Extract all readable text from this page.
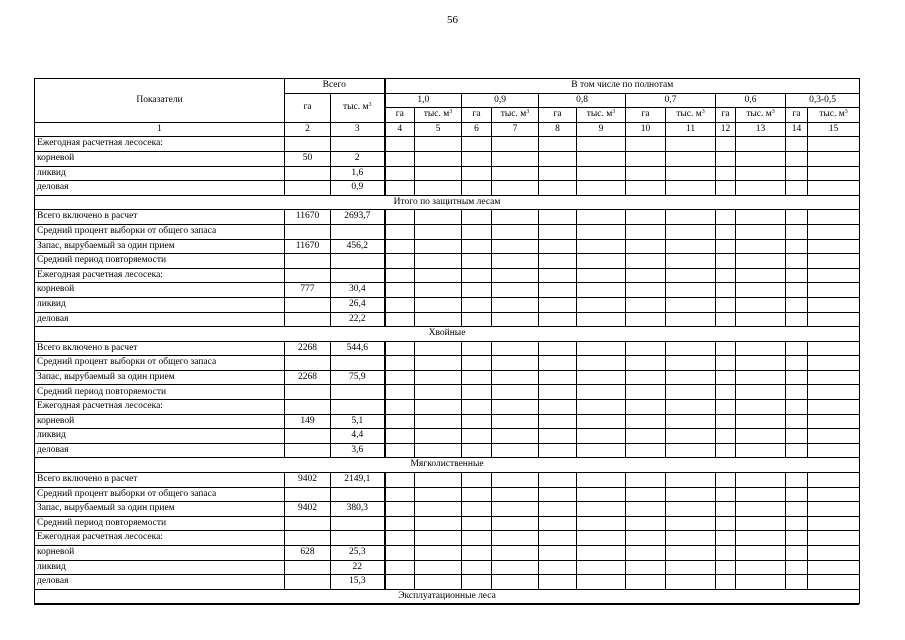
56
Показатели	Всего		В том числе по полнотам											
	га	тыс. $м^3$	1,0		0,9		0,8		0,7		0,6		0,3-0,5	
			га	тыс. $м^3$	га	тыс. $м^3$	га	тыс. $м^3$	га	тыс. $м^3$	га	тыс. $м^3$	га	тыс. $м^3$
1	2	3	4	5	6	7	8	9	10	11	12	13	14	15
Ежегодная расчетная лесосека:														
корневой	50	2												
ликвид		1,6												
деловая		0,9												
Итого по защитным лесам														
Всего включено в расчет	11670	2693,7												
Средний процент выборки от общего запаса														
Запас, вырубаемый за один прием	11670	456,2												
Средний период повторяемости														
Ежегодная расчетная лесосека:														
корневой	777	30,4												
ликвид		26,4												
деловая		22,2												
Хвойные														
Всего включено в расчет	2268	544,6												
Средний процент выборки от общего запаса														
Запас, вырубаемый за один прием	2268	75,9												
Средний период повторяемости														
Ежегодная расчетная лесосека:														
корневой	149	5,1												
ликвид		4,4												
деловая		3,6												
Мягколиственные														
Всего включено в расчет	9402	2149,1												
Средний процент выборки от общего запаса														
Запас, вырубаемый за один прием	9402	380,3												
Средний период повторяемости														
Ежегодная расчетная лесосека:														
корневой	628	25,3												
ликвид		22												
деловая		15,3												
Эксплуатационные леса														
